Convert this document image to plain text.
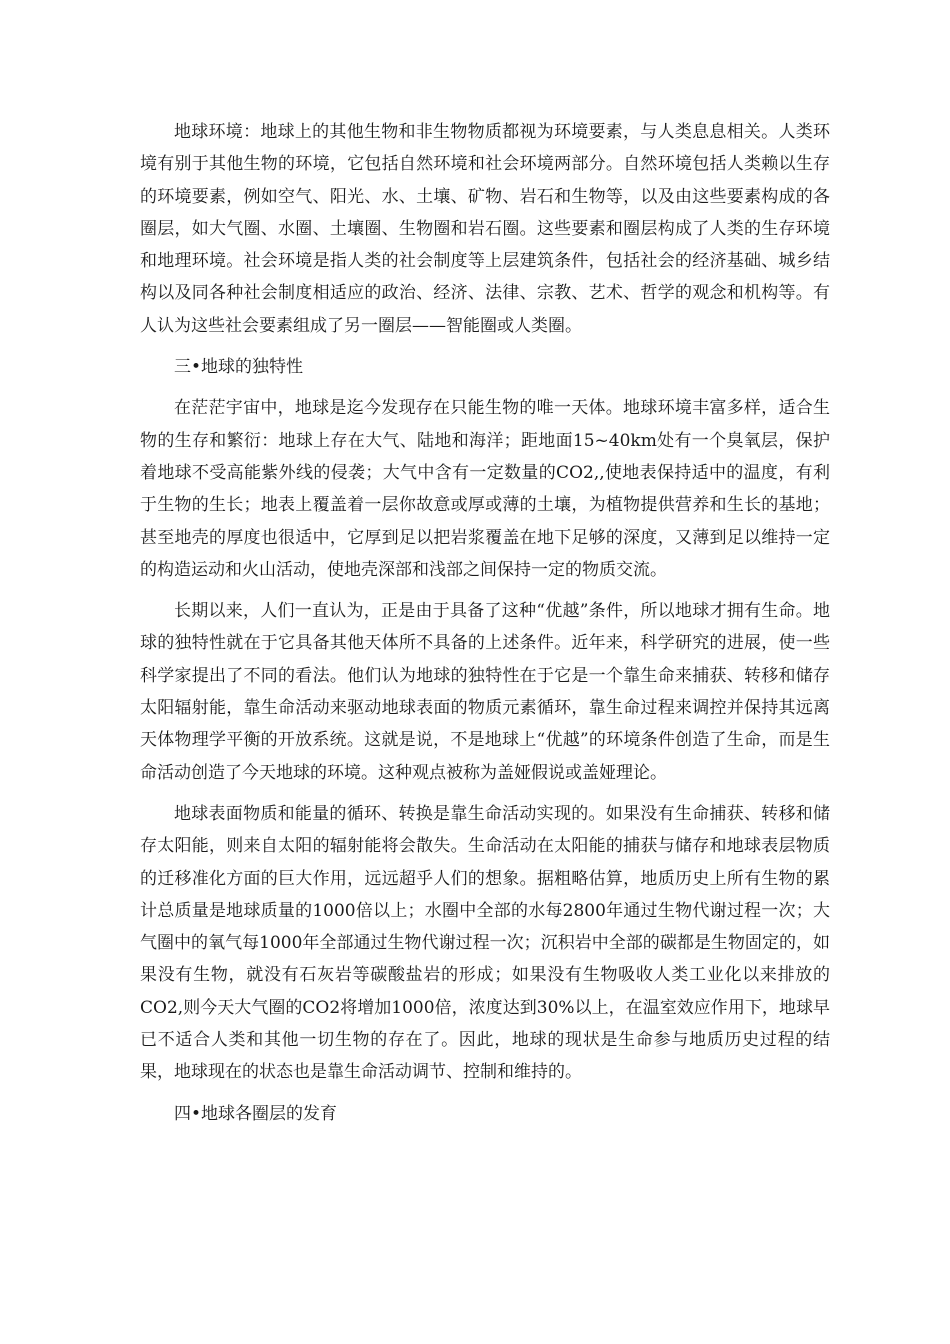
地球环境：地球上的其他生物和非生物物质都视为环境要素，与人类息息相关。人类环境有别于其他生物的环境，它包括自然环境和社会环境两部分。自然环境包括人类赖以生存的环境要素，例如空气、阳光、水、土壤、矿物、岩石和生物等，以及由这些要素构成的各圈层，如大气圈、水圈、土壤圈、生物圈和岩石圈。这些要素和圈层构成了人类的生存环境和地理环境。社会环境是指人类的社会制度等上层建筑条件，包括社会的经济基础、城乡结构以及同各种社会制度相适应的政治、经济、法律、宗教、艺术、哲学的观念和机构等。有人认为这些社会要素组成了另一圈层——智能圈或人类圈。

三•地球的独特性

在茫茫宇宙中，地球是迄今发现存在只能生物的唯一天体。地球环境丰富多样，适合生物的生存和繁衍：地球上存在大气、陆地和海洋；距地面15~40km处有一个臭氧层，保护着地球不受高能紫外线的侵袭；大气中含有一定数量的CO2,,使地表保持适中的温度，有利于生物的生长；地表上覆盖着一层你故意或厚或薄的土壤，为植物提供营养和生长的基地；甚至地壳的厚度也很适中，它厚到足以把岩浆覆盖在地下足够的深度，又薄到足以维持一定的构造运动和火山活动，使地壳深部和浅部之间保持一定的物质交流。

长期以来，人们一直认为，正是由于具备了这种“优越”条件，所以地球才拥有生命。地球的独特性就在于它具备其他天体所不具备的上述条件。近年来，科学研究的进展，使一些科学家提出了不同的看法。他们认为地球的独特性在于它是一个靠生命来捕获、转移和储存太阳辐射能，靠生命活动来驱动地球表面的物质元素循环，靠生命过程来调控并保持其远离天体物理学平衡的开放系统。这就是说，不是地球上“优越”的环境条件创造了生命，而是生命活动创造了今天地球的环境。这种观点被称为盖娅假说或盖娅理论。

地球表面物质和能量的循环、转换是靠生命活动实现的。如果没有生命捕获、转移和储存太阳能，则来自太阳的辐射能将会散失。生命活动在太阳能的捕获与储存和地球表层物质的迁移准化方面的巨大作用，远远超乎人们的想象。据粗略估算，地质历史上所有生物的累计总质量是地球质量的1000倍以上；水圈中全部的水每2800年通过生物代谢过程一次；大气圈中的氧气每1000年全部通过生物代谢过程一次；沉积岩中全部的碳都是生物固定的，如果没有生物，就没有石灰岩等碳酸盐岩的形成；如果没有生物吸收人类工业化以来排放的CO2,则今天大气圈的CO2将增加1000倍，浓度达到30%以上，在温室效应作用下，地球早已不适合人类和其他一切生物的存在了。因此，地球的现状是生命参与地质历史过程的结果，地球现在的状态也是靠生命活动调节、控制和维持的。

四•地球各圈层的发育
